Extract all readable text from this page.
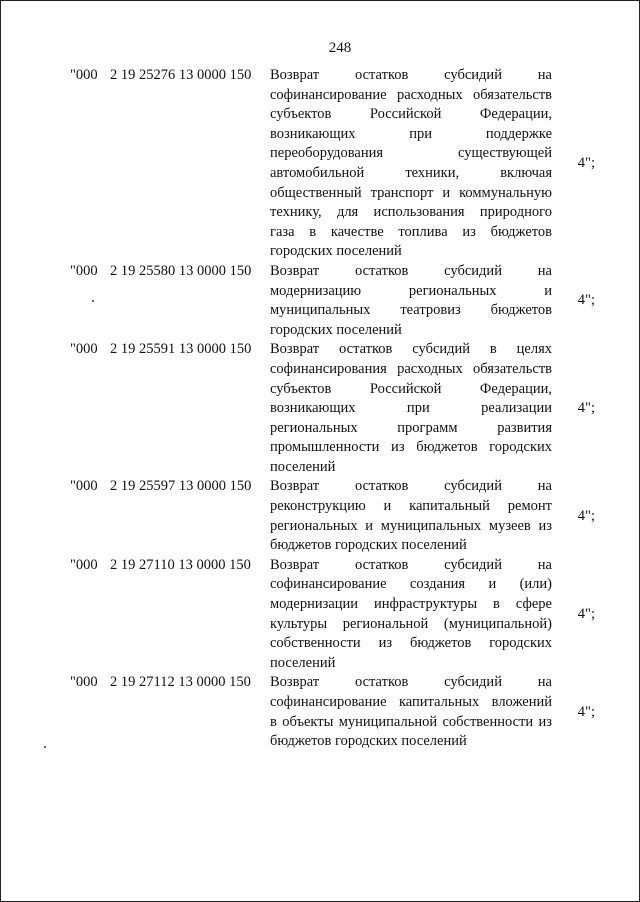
248
"000 2 19 25276 13 0000 150	Возврат остатков субсидий на
софинансирование расходных обязательств
субъектов Российской Федерации,
возникающих при поддержке
переоборудования существующей
автомобильной техники, включая
общественный транспорт и коммунальную
технику, для использования природного
газа в качестве топлива из бюджетов
городских поселений
4";
"000 2 19 25580 13 0000 150	Возврат остатков субсидий на
модернизацию региональных и
муниципальных театровиз бюджетов
городских поселений
4";
"000 2 19 25591 13 0000 150	Возврат остатков субсидий в целях
софинансирования расходных обязательств
субъектов Российской Федерации,
возникающих при реализации
региональных программ развития
промышленности из бюджетов городских
поселений
4";
"000 2 19 25597 13 0000 150	Возврат остатков субсидий на
реконструкцию и капитальный ремонт
региональных и муниципальных музеев из
бюджетов городских поселений
4";
"000 2 19 27110 13 0000 150	Возврат остатков субсидий на
софинансирование создания и (или)
модернизации инфраструктуры в сфере
культуры региональной (муниципальной)
собственности из бюджетов городских
поселений
4";
"000 2 19 27112 13 0000 150	Возврат остатков субсидий на
софинансирование капитальных вложений
в объекты муниципальной собственности из
бюджетов городских поселений
4";
